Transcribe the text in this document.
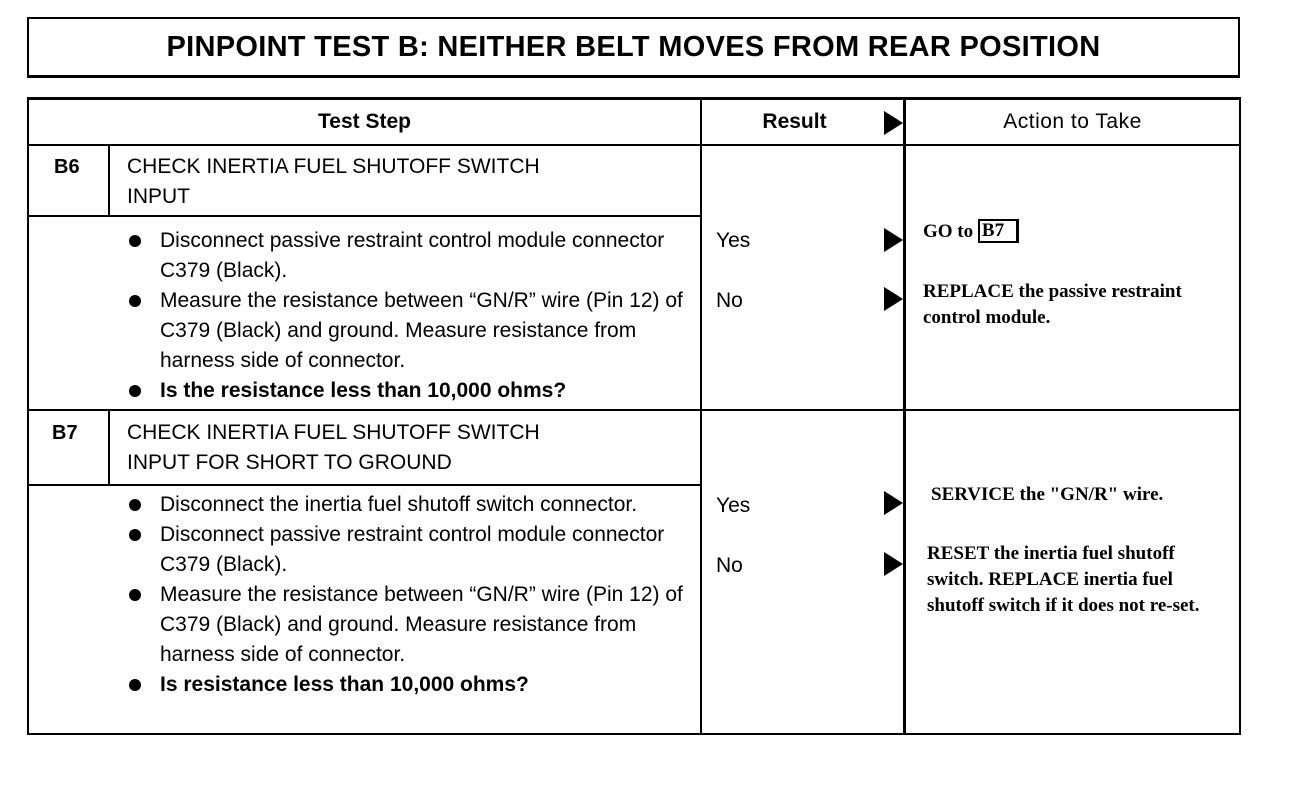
PINPOINT TEST B: NEITHER BELT MOVES FROM REAR POSITION
Test Step	Result	Action to Take
B6 CHECK INERTIA FUEL SHUTOFF SWITCH
INPUT
Disconnect passive restraint control module connector C379 (Black).
Measure the resistance between “GN/R” wire (Pin 12) of C379 (Black) and ground. Measure resistance from harness side of connector.
Is the resistance less than 10,000 ohms?
Yes
No
GO to B7
REPLACE the passive restraint control module.
B7 CHECK INERTIA FUEL SHUTOFF SWITCH
INPUT FOR SHORT TO GROUND
Disconnect the inertia fuel shutoff switch connector.
Disconnect passive restraint control module connector C379 (Black).
Measure the resistance between “GN/R” wire (Pin 12) of C379 (Black) and ground. Measure resistance from harness side of connector.
Is resistance less than 10,000 ohms?
Yes
No
SERVICE the "GN/R" wire.
RESET the inertia fuel shutoff switch. REPLACE inertia fuel shutoff switch if it does not re-set.
